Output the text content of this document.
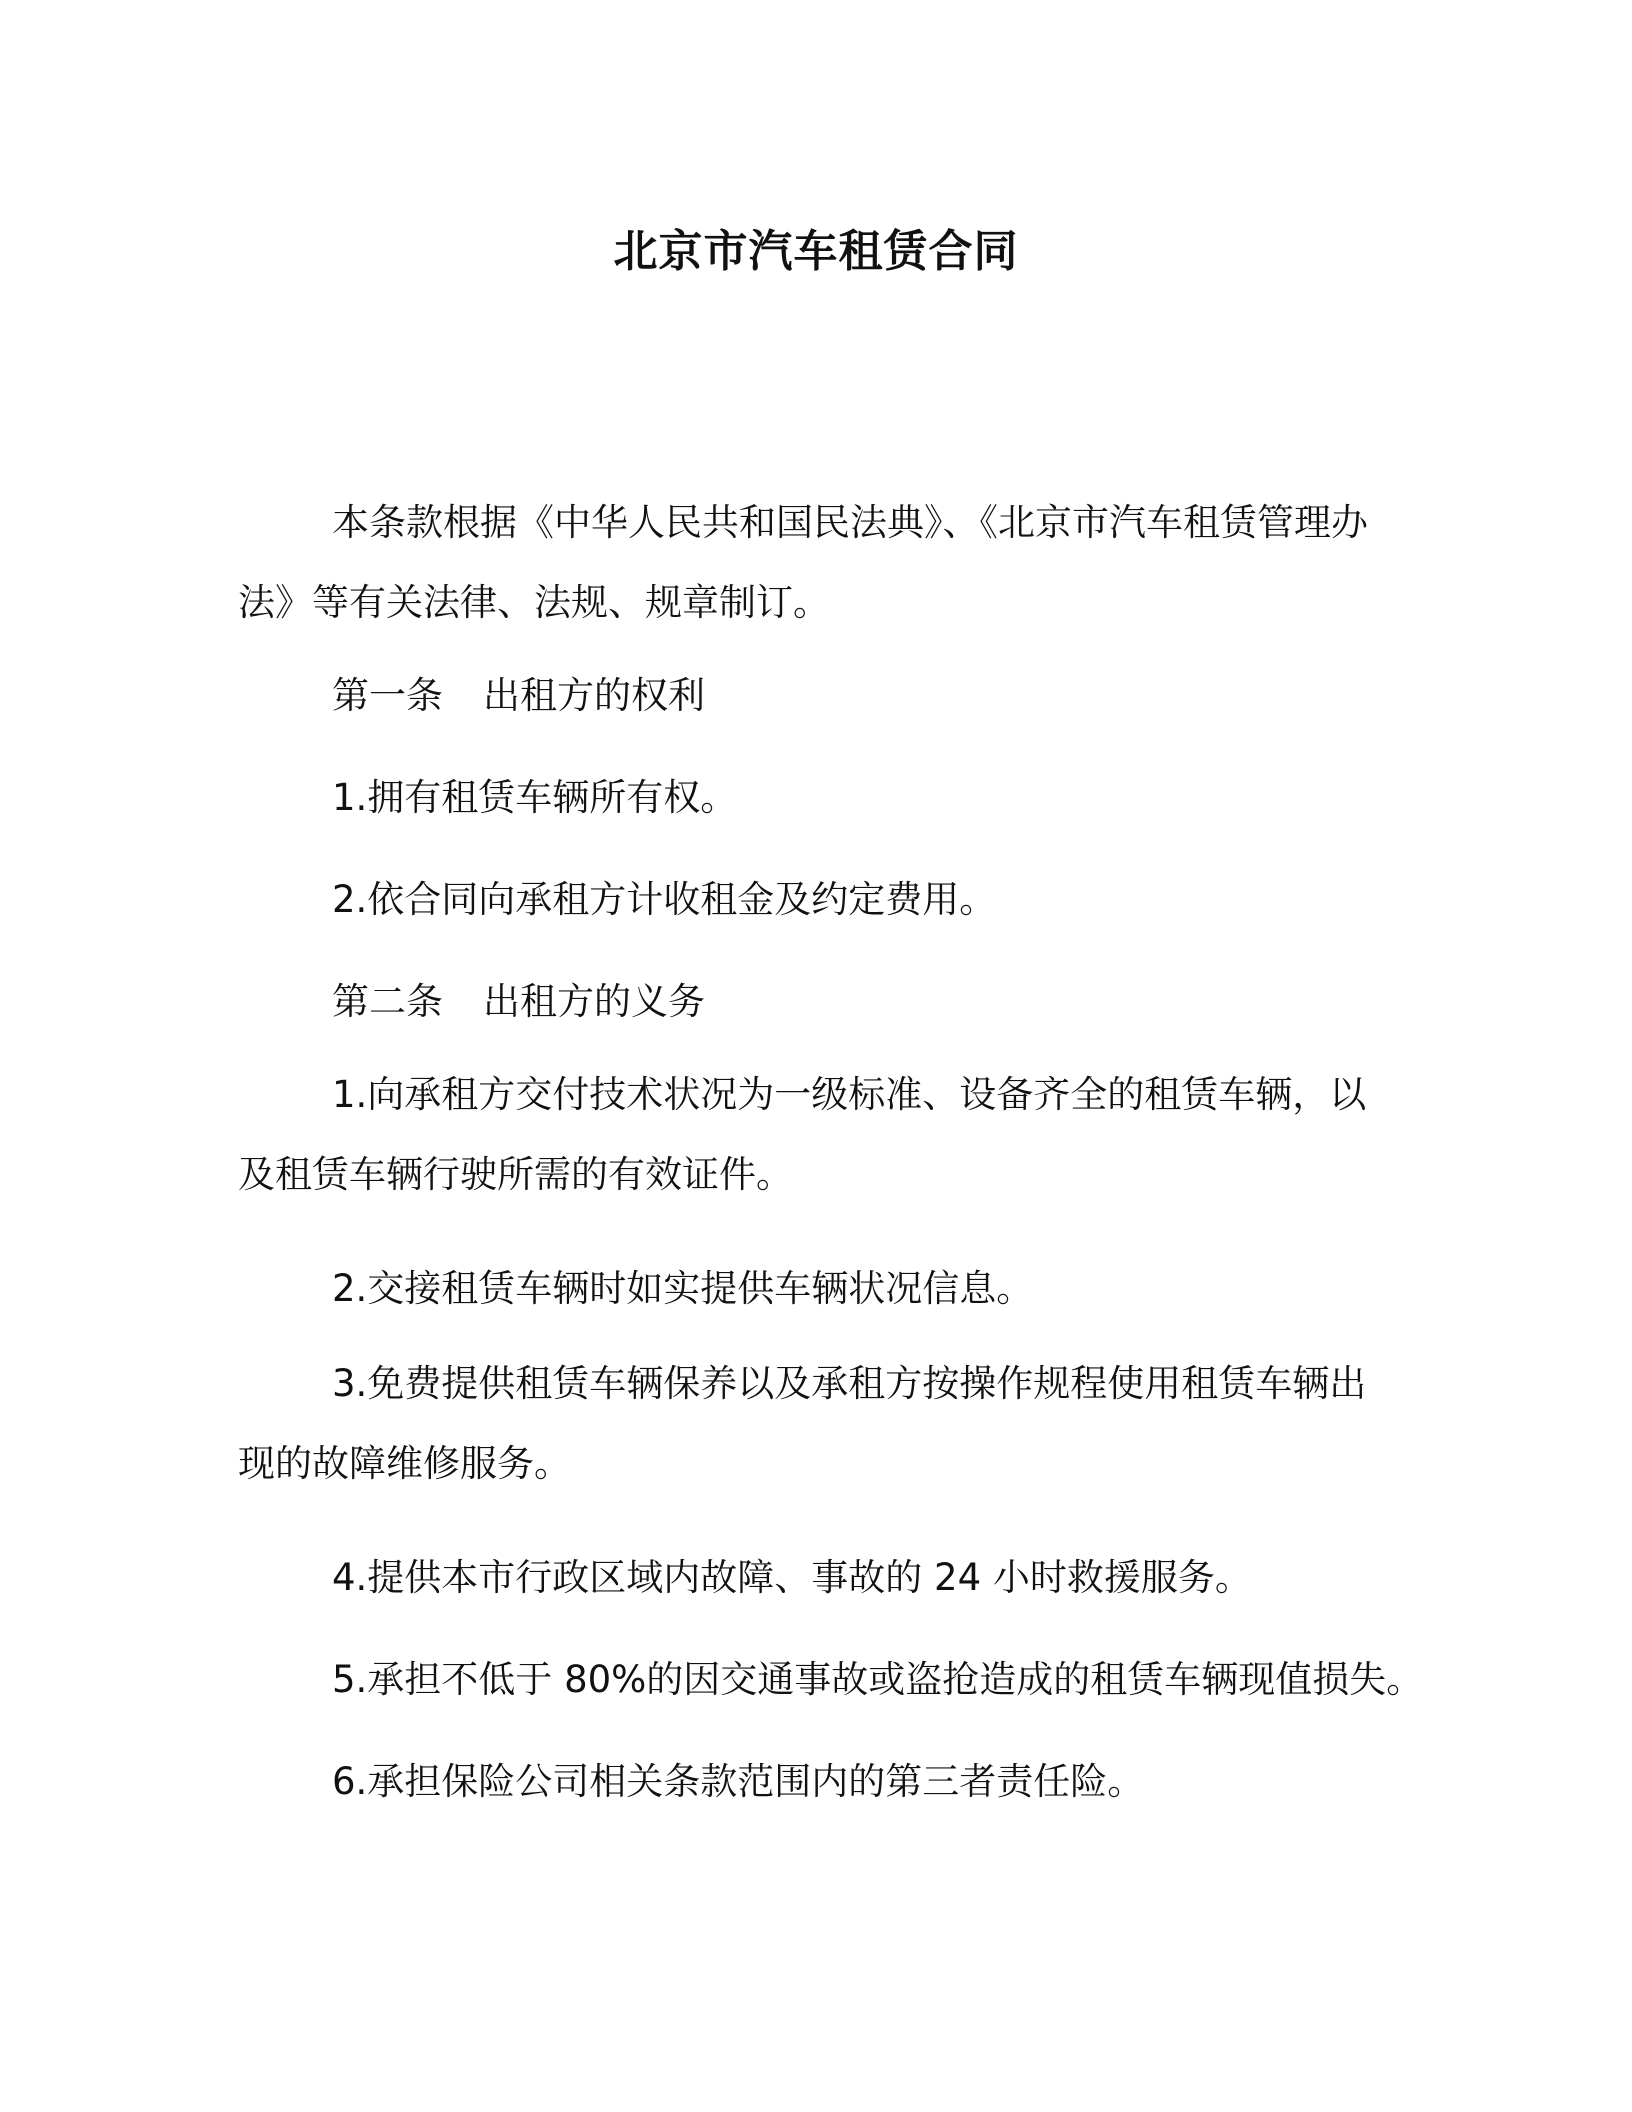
北京市汽车租赁合同
本条款根据《中华人民共和国民法典》、《北京市汽车租赁管理办法》等有关法律、法规、规章制订。
第一条 出租方的权利
1.拥有租赁车辆所有权。
2.依合同向承租方计收租金及约定费用。
第二条 出租方的义务
1.向承租方交付技术状况为一级标准、设备齐全的租赁车辆，以及租赁车辆行驶所需的有效证件。
2.交接租赁车辆时如实提供车辆状况信息。
3.免费提供租赁车辆保养以及承租方按操作规程使用租赁车辆出现的故障维修服务。
4.提供本市行政区域内故障、事故的 24 小时救援服务。
5.承担不低于 80%的因交通事故或盗抢造成的租赁车辆现值损失。
6.承担保险公司相关条款范围内的第三者责任险。
